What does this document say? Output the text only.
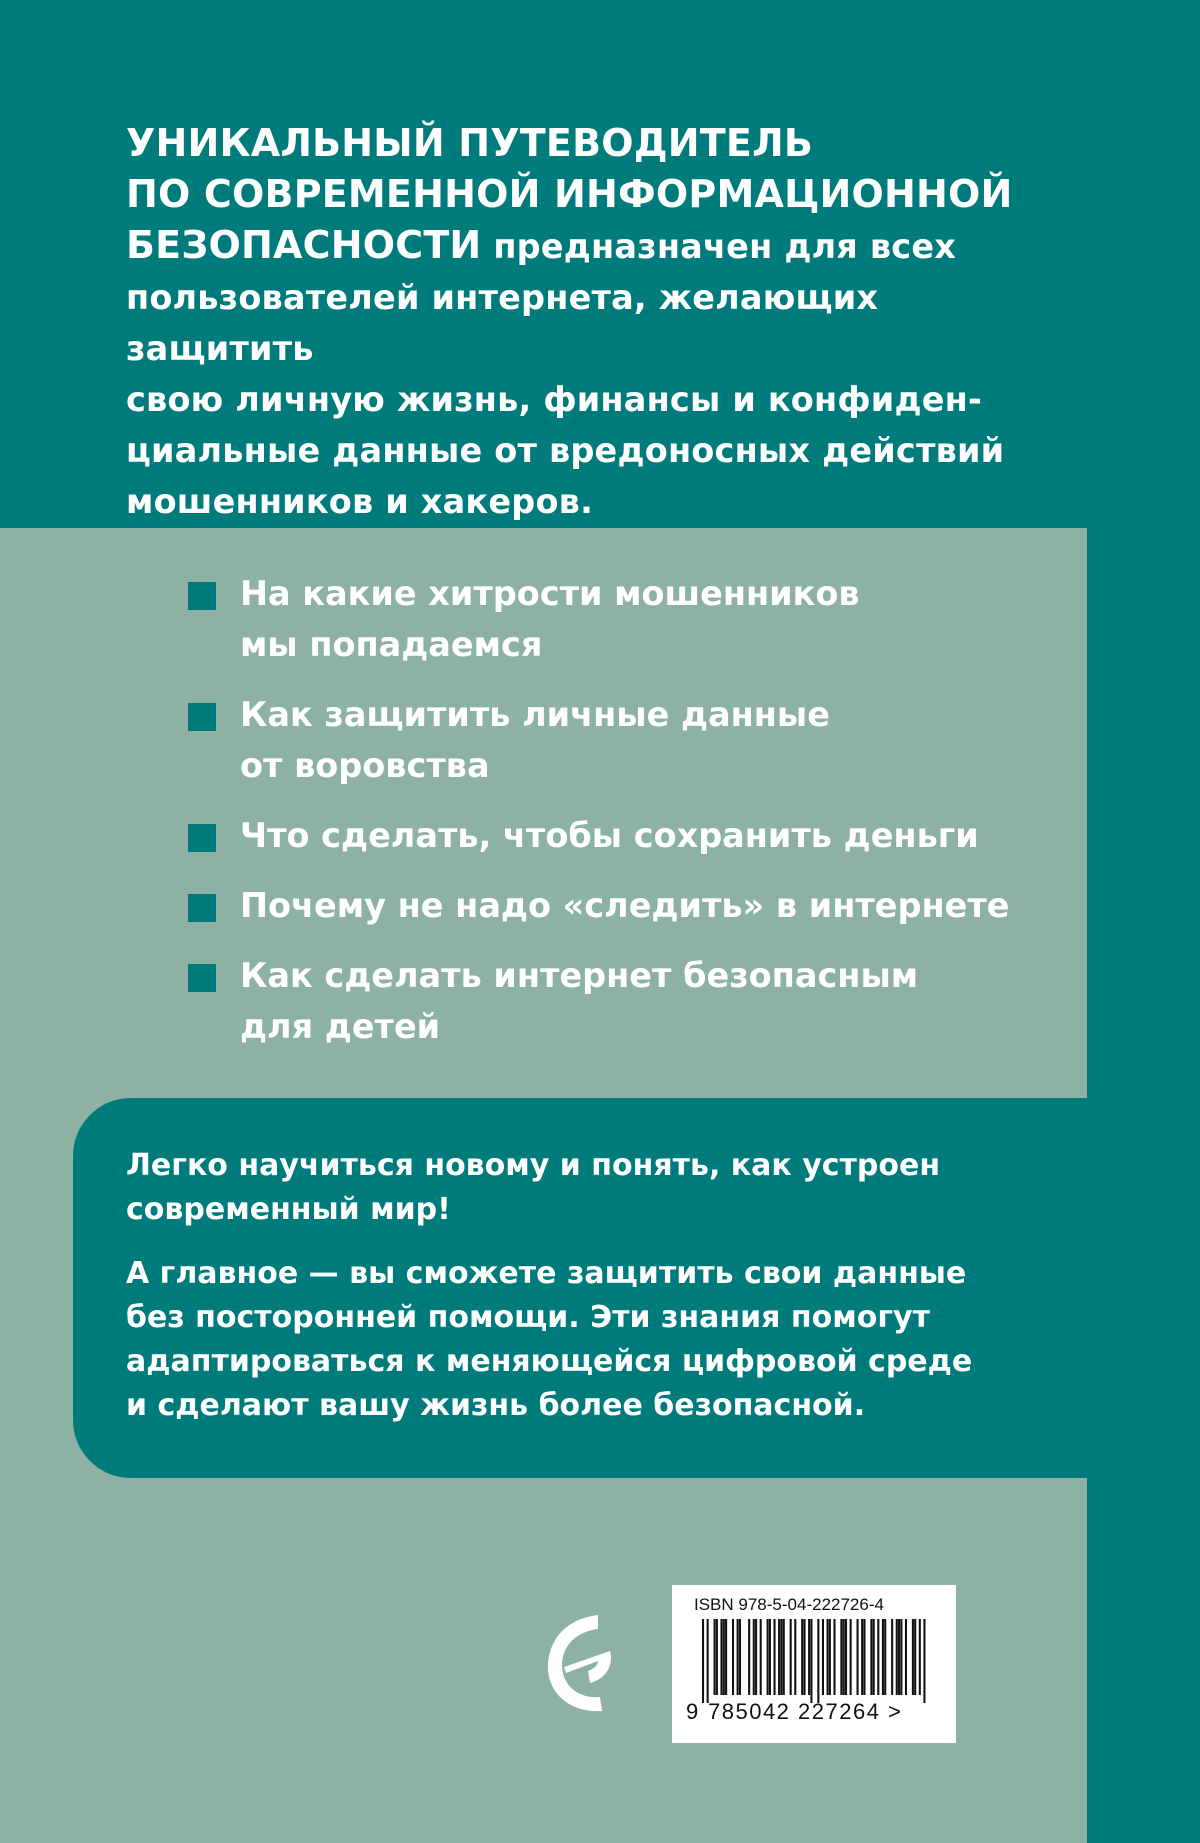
УНИКАЛЬНЫЙ ПУТЕВОДИТЕЛЬ
ПО СОВРЕМЕННОЙ ИНФОРМАЦИОННОЙ
БЕЗОПАСНОСТИ предназначен для всех
пользователей интернета, желающих защитить
свою личную жизнь, финансы и конфиден-
циальные данные от вредоносных действий
мошенников и хакеров.
На какие хитрости мошенников
мы попадаемся
Как защитить личные данные
от воровства
Что сделать, чтобы сохранить деньги
Почему не надо «следить» в интернете
Как сделать интернет безопасным
для детей
Легко научиться новому и понять, как устроен
современный мир!
А главное — вы сможете защитить свои данные
без посторонней помощи. Эти знания помогут
адаптироваться к меняющейся цифровой среде
и сделают вашу жизнь более безопасной.
ISBN 978-5-04-222726-4
9 785042 227264 >
